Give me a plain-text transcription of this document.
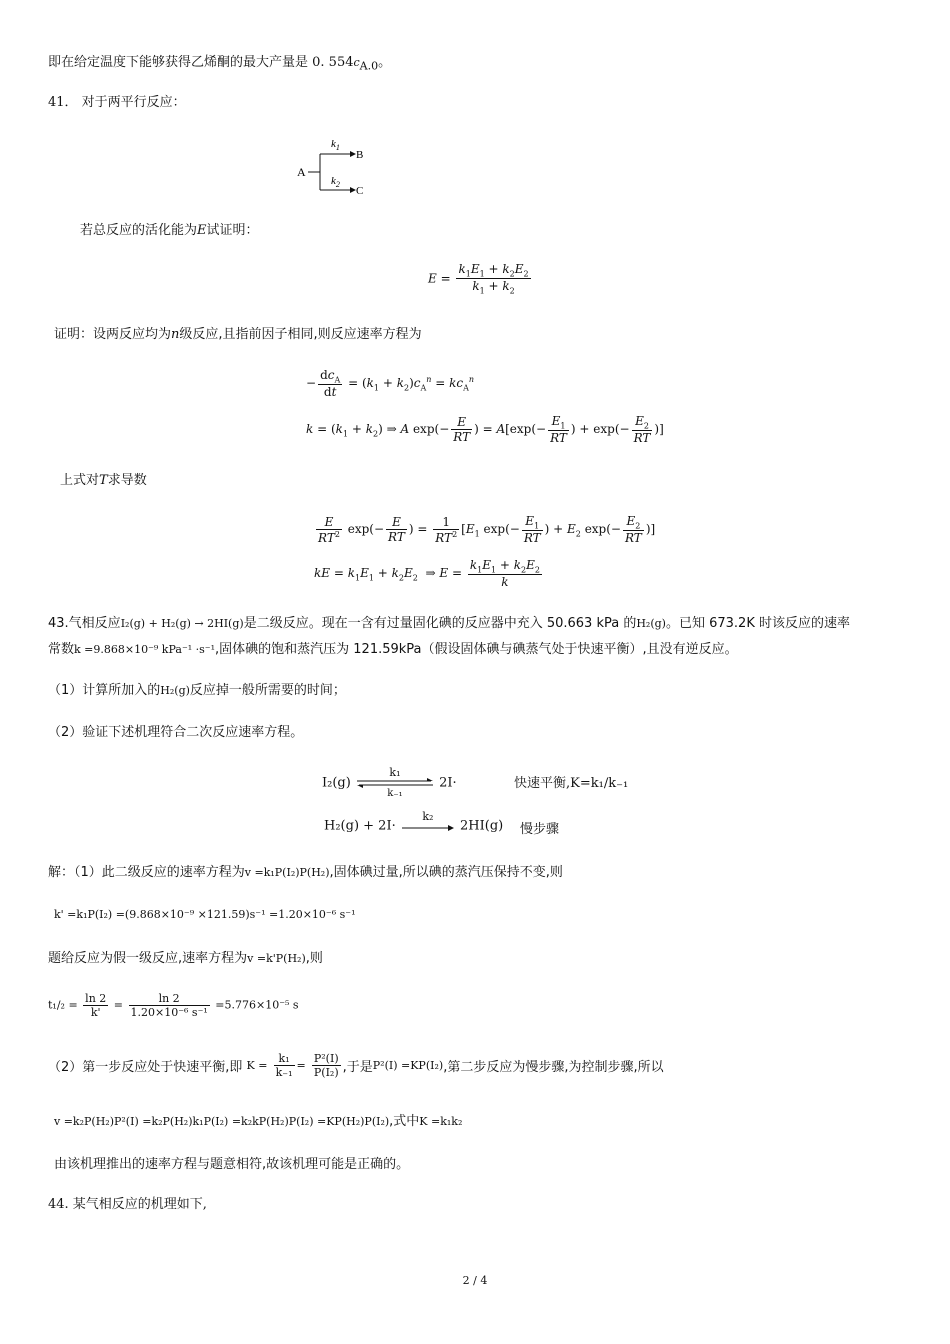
即在给定温度下能够获得乙烯酮的最大产量是 0. $554c_{A.0}$。
41． 对于两平行反应：
A
$k_1$
B
$k_2$
C
若总反应的活化能为E试证明：
$E = \frac{k_1E_1 + k_2E_2}{k_1 + k_2}$
证明：设两反应均为n级反应,且指前因子相同,则反应速率方程为
− $\frac{dc_A}{dt} = (k_1 + k_2)c_A^n = kc_A^n$
$k = (k_1 + k_2)$ ⇒ A $\exp(- \frac{E}{RT}$ ) = $A[\exp(- \frac{E_1}{RT}$ ) + $\exp(- \frac{E_2}{RT}$ )]
上式对T求导数
$\frac{E}{RT^2} \exp(- \frac{E}{RT}$ ) = $\frac{1}{RT^2} [E_1$ $\exp(- \frac{E_1}{RT}$ ) + $E_2$ $\exp(- \frac{E_2}{RT}$ )]
kE = $k_1E_1 + k_2E_2$  ⇒ $E = \frac{k_1E_1 + k_2E_2}{k}$
43.气相反应I₂(g) + H₂(g) → 2HI(g)是二级反应。现在一含有过量固化碘的反应器中充入 50.663 kPa 的H₂(g)。已知 673.2K 时该反应的速率
常数k =9.868×10⁻⁹ kPa⁻¹ ·s⁻¹,固体碘的饱和蒸汽压为 121.59kPa（假设固体碘与碘蒸气处于快速平衡）,且没有逆反应。
（1）计算所加入的H₂(g)反应掉一般所需要的时间；
（2）验证下述机理符合二次反应速率方程。
I₂(g)
k₁
k₋₁
2I·	快速平衡,K=k₁/k₋₁
H₂(g) + 2I·
k₂
2HI(g) 慢步骤
解：（1）此二级反应的速率方程为v =k₁P(I₂)P(H₂),固体碘过量,所以碘的蒸汽压保持不变,则
k' =k₁P(I₂) =(9.868×10⁻⁹ ×121.59)s⁻¹ =1.20×10⁻⁶ s⁻¹
题给反应为假一级反应,速率方程为v =k'P(H₂),则
$t_1/_2 = \frac{\ln 2}{k'} = \frac{\ln 2}{\text{1.20×10⁻⁶ s⁻¹}} =5.776\times 10^{-5}$ s
（2）第一步反应处于快速平衡,即 $K = \frac{\text{k₁}}{\text{k₋₁}} = \frac{\text{P²(I)}}{\text{P(I₂)}}$ ,于是P²(I) =KP(I₂),第二步反应为慢步骤,为控制步骤,所以
v =k₂P(H₂)P²(I) =k₂P(H₂)k₁P(I₂) =k₂kP(H₂)P(I₂) =KP(H₂)P(I₂),式中K =k₁k₂
由该机理推出的速率方程与题意相符,故该机理可能是正确的。
44. 某气相反应的机理如下,
2 / 4
